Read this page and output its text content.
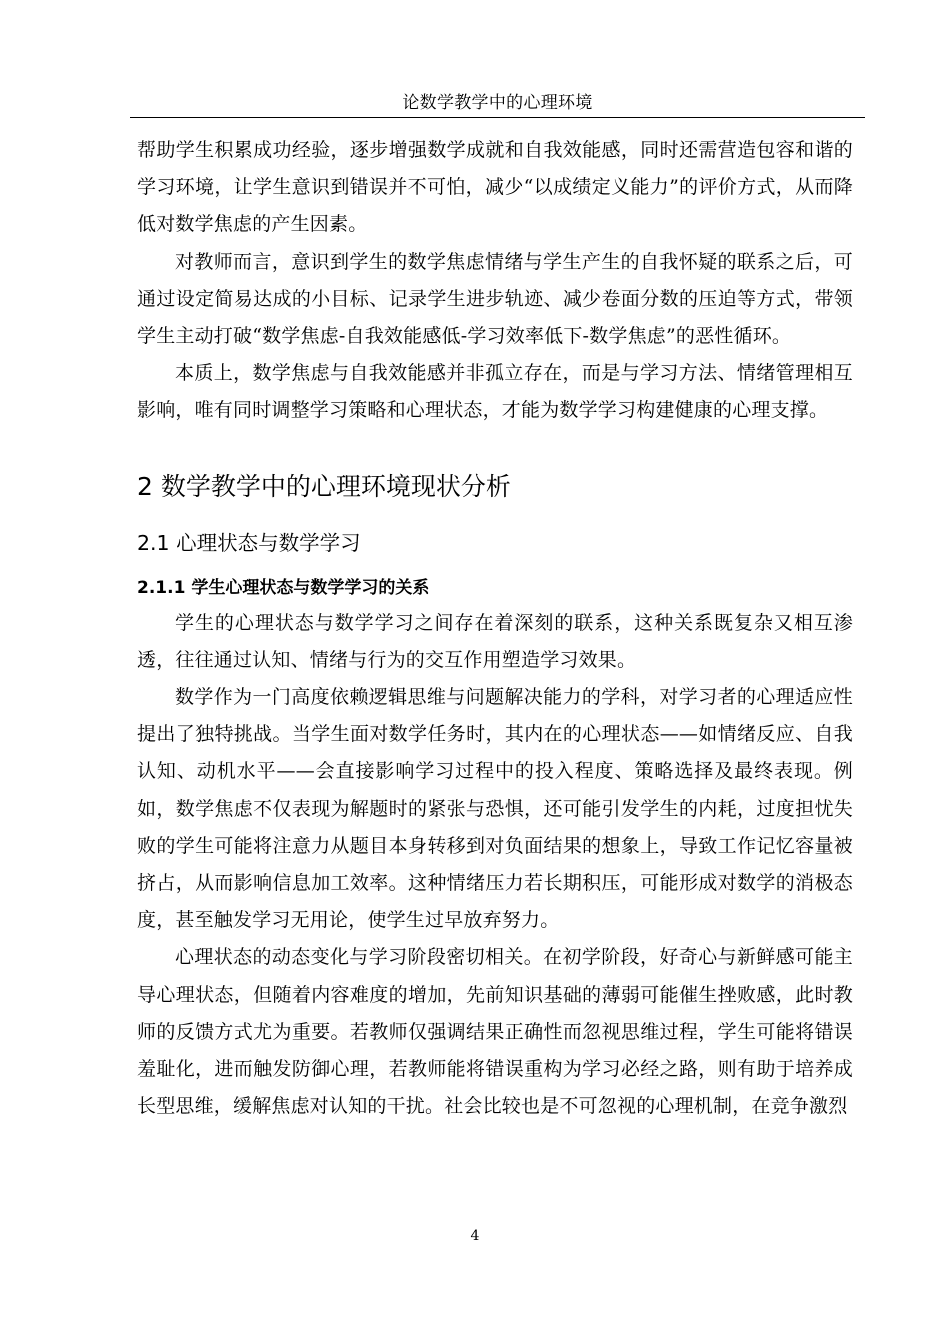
论数学教学中的心理环境

帮助学生积累成功经验，逐步增强数学成就和自我效能感，同时还需营造包容和谐的学习环境，让学生意识到错误并不可怕，减少“以成绩定义能力”的评价方式，从而降低对数学焦虑的产生因素。

对教师而言，意识到学生的数学焦虑情绪与学生产生的自我怀疑的联系之后，可通过设定简易达成的小目标、记录学生进步轨迹、减少卷面分数的压迫等方式，带领学生主动打破“数学焦虑-自我效能感低-学习效率低下-数学焦虑”的恶性循环。

本质上，数学焦虑与自我效能感并非孤立存在，而是与学习方法、情绪管理相互影响，唯有同时调整学习策略和心理状态，才能为数学学习构建健康的心理支撑。

2 数学教学中的心理环境现状分析
2.1 心理状态与数学学习
2.1.1 学生心理状态与数学学习的关系

学生的心理状态与数学学习之间存在着深刻的联系，这种关系既复杂又相互渗透，往往通过认知、情绪与行为的交互作用塑造学习效果。

数学作为一门高度依赖逻辑思维与问题解决能力的学科，对学习者的心理适应性提出了独特挑战。当学生面对数学任务时，其内在的心理状态——如情绪反应、自我认知、动机水平——会直接影响学习过程中的投入程度、策略选择及最终表现。例如，数学焦虑不仅表现为解题时的紧张与恐惧，还可能引发学生的内耗，过度担忧失败的学生可能将注意力从题目本身转移到对负面结果的想象上，导致工作记忆容量被挤占，从而影响信息加工效率。这种情绪压力若长期积压，可能形成对数学的消极态度，甚至触发学习无用论，使学生过早放弃努力。

心理状态的动态变化与学习阶段密切相关。在初学阶段，好奇心与新鲜感可能主导心理状态，但随着内容难度的增加，先前知识基础的薄弱可能催生挫败感，此时教师的反馈方式尤为重要。若教师仅强调结果正确性而忽视思维过程，学生可能将错误羞耻化，进而触发防御心理，若教师能将错误重构为学习必经之路，则有助于培养成长型思维，缓解焦虑对认知的干扰。社会比较也是不可忽视的心理机制，在竞争激烈

4
